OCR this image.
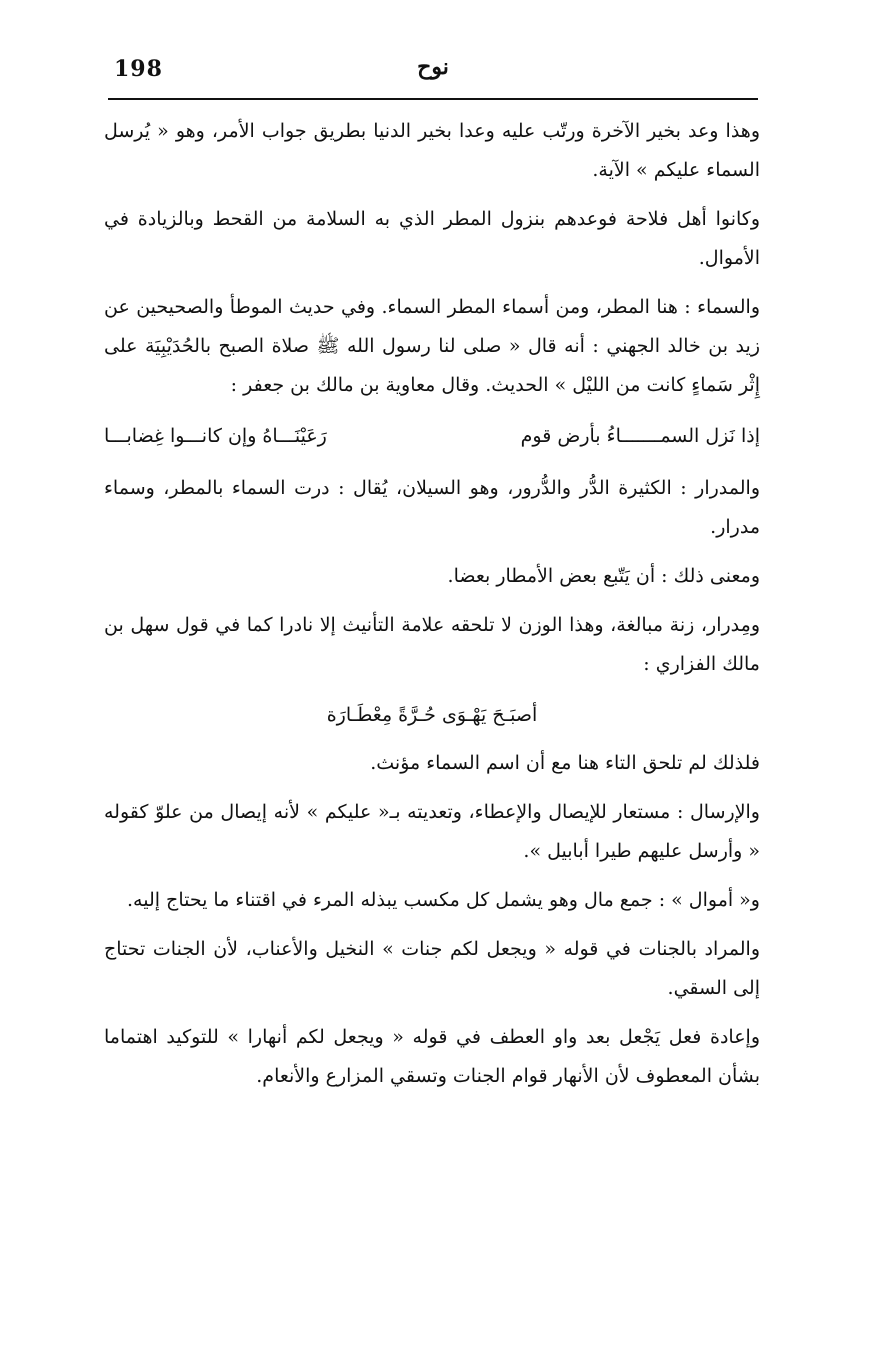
198	نوح

وهذا وعد بخير الآخرة ورتّب عليه وعدا بخير الدنيا بطريق جواب الأمر، وهو « يُرسل السماء عليكم » الآية.

وكانوا أهل فلاحة فوعدهم بنزول المطر الذي به السلامة من القحط وبالزيادة في الأموال.

والسماء : هنا المطر، ومن أسماء المطر السماء. وفي حديث الموطأ والصحيحين عن زيد بن خالد الجهني : أنه قال « صلى لنا رسول الله ﷺ صلاة الصبح بالحُدَيْبِيَة على إِثْر سَماءٍ كانت من الليْل » الحديث. وقال معاوية بن مالك بن جعفر :

إذا نَزل السمـــــــاءُ بأرض قوم
رَعَيْنَـــاهُ وإن كانـــوا غِضابـــا

والمدرار : الكثيرة الدُّر والدُّرور، وهو السيلان، يُقال : درت السماء بالمطر، وسماء مدرار.

ومعنى ذلك : أن يَتّبع بعض الأمطار بعضا.

ومِدرار، زنة مبالغة، وهذا الوزن لا تلحقه علامة التأنيث إلا نادرا كما في قول سهل بن مالك الفزاري :

أصبَـحَ يَهْـوَى حُـرَّةً مِعْطَـارَة

فلذلك لم تلحق التاء هنا مع أن اسم السماء مؤنث.

والإرسال : مستعار للإيصال والإعطاء، وتعديته بـ« عليكم » لأنه إيصال من علوّ كقوله « وأرسل عليهم طيرا أبابيل ».

و« أموال » : جمع مال وهو يشمل كل مكسب يبذله المرء في اقتناء ما يحتاج إليه.

والمراد بالجنات في قوله « ويجعل لكم جنات » النخيل والأعناب، لأن الجنات تحتاج إلى السقي.

وإعادة فعل يَجْعل بعد واو العطف في قوله « ويجعل لكم أنهارا » للتوكيد اهتماما بشأن المعطوف لأن الأنهار قوام الجنات وتسقي المزارع والأنعام.
